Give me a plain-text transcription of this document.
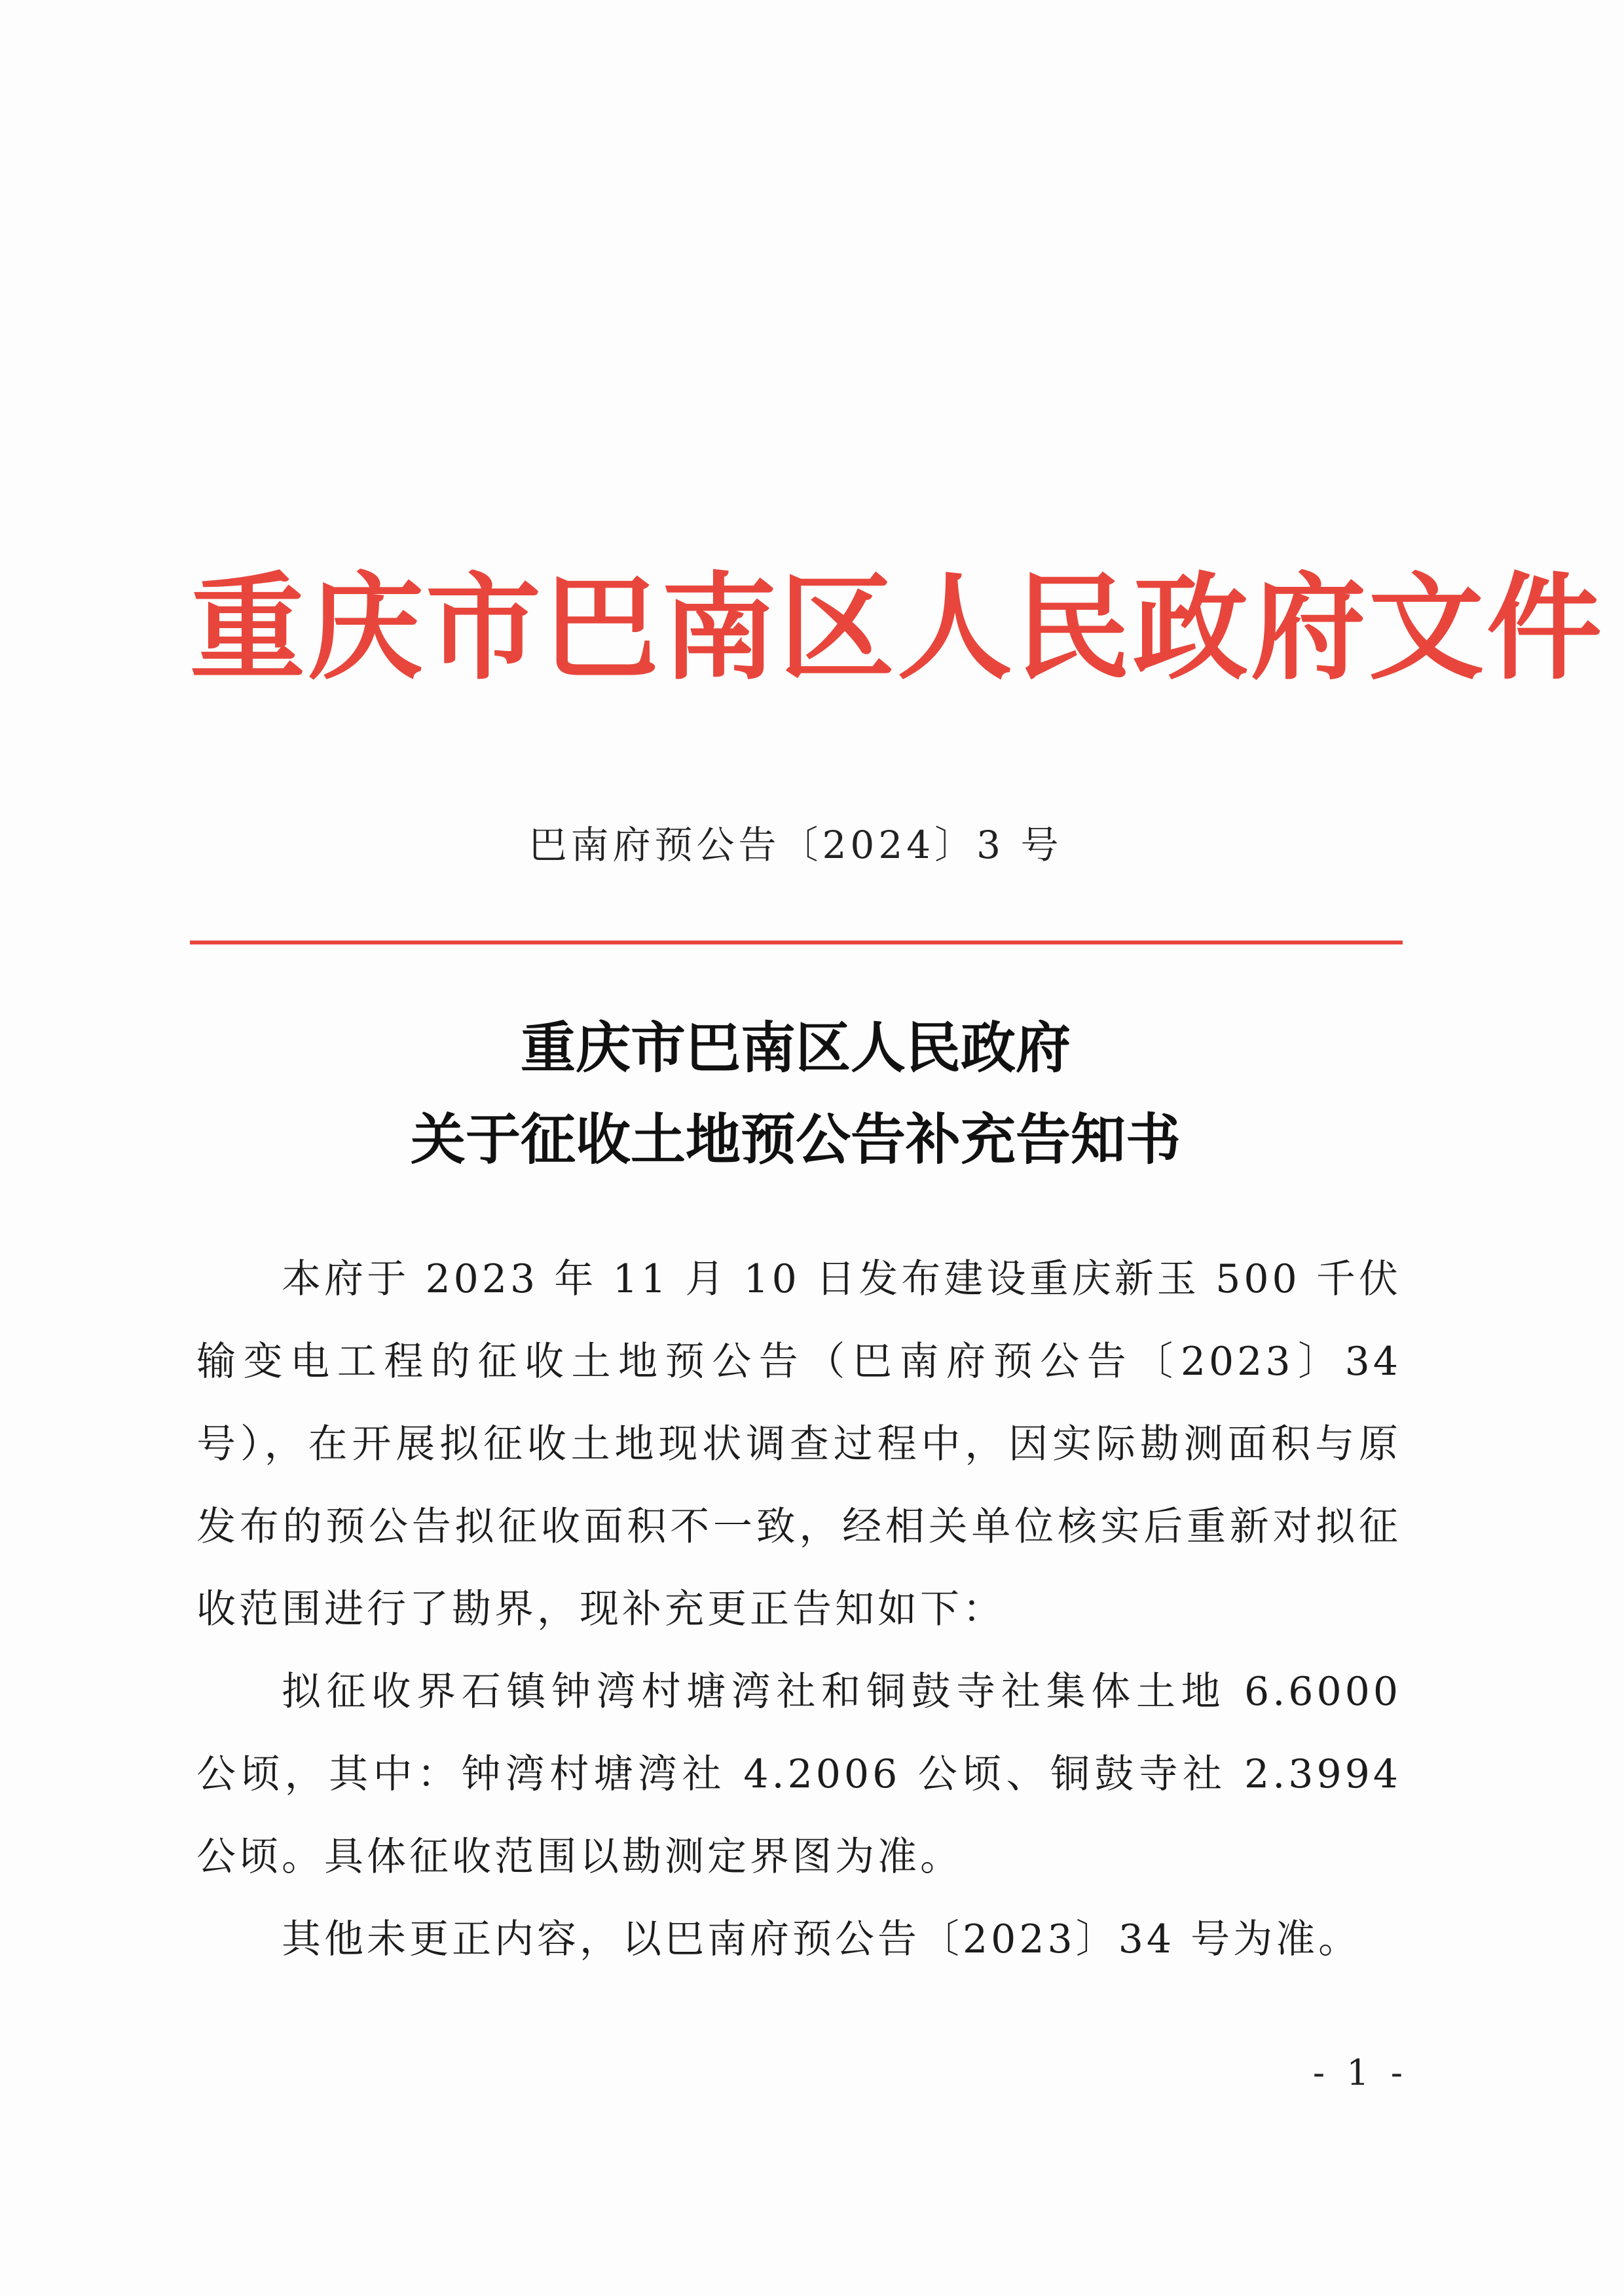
重庆市巴南区人民政府文件
巴南府预公告〔2024〕3 号
重庆市巴南区人民政府
关于征收土地预公告补充告知书

本府于 2023 年 11 月 10 日发布建设重庆新玉 500 千伏输变电工程的征收土地预公告（巴南府预公告〔2023〕34 号），在开展拟征收土地现状调查过程中，因实际勘测面积与原发布的预公告拟征收面积不一致，经相关单位核实后重新对拟征收范围进行了勘界，现补充更正告知如下：

拟征收界石镇钟湾村塘湾社和铜鼓寺社集体土地 6.6000 公顷，其中：钟湾村塘湾社 4.2006 公顷、铜鼓寺社 2.3994 公顷。具体征收范围以勘测定界图为准。

其他未更正内容，以巴南府预公告〔2023〕34 号为准。

- 1 -
